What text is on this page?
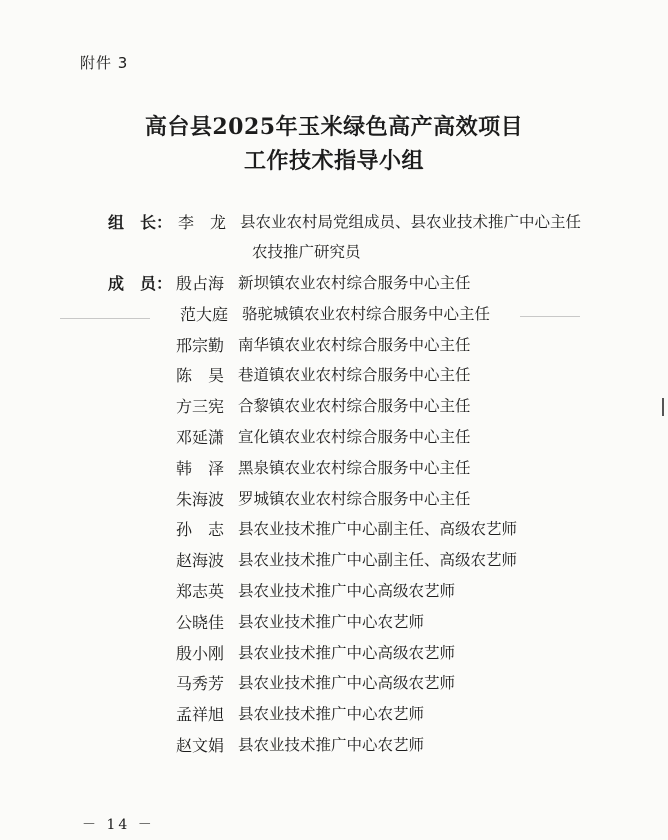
附件 3
高台县2025年玉米绿色高产高效项目
工作技术指导小组
组　长： 李　龙 县农业农村局党组成员、县农业技术推广中心主任
农技推广研究员
成　员： 殷占海 新坝镇农业农村综合服务中心主任
范大庭 骆驼城镇农业农村综合服务中心主任
邢宗勤 南华镇农业农村综合服务中心主任
陈　昊 巷道镇农业农村综合服务中心主任
方三宪 合黎镇农业农村综合服务中心主任
邓延潇 宣化镇农业农村综合服务中心主任
韩　泽 黑泉镇农业农村综合服务中心主任
朱海波 罗城镇农业农村综合服务中心主任
孙　志 县农业技术推广中心副主任、高级农艺师
赵海波 县农业技术推广中心副主任、高级农艺师
郑志英 县农业技术推广中心高级农艺师
公晓佳 县农业技术推广中心农艺师
殷小刚 县农业技术推广中心高级农艺师
马秀芳 县农业技术推广中心高级农艺师
孟祥旭 县农业技术推广中心农艺师
赵文娟 县农业技术推广中心农艺师
－ 14 －
